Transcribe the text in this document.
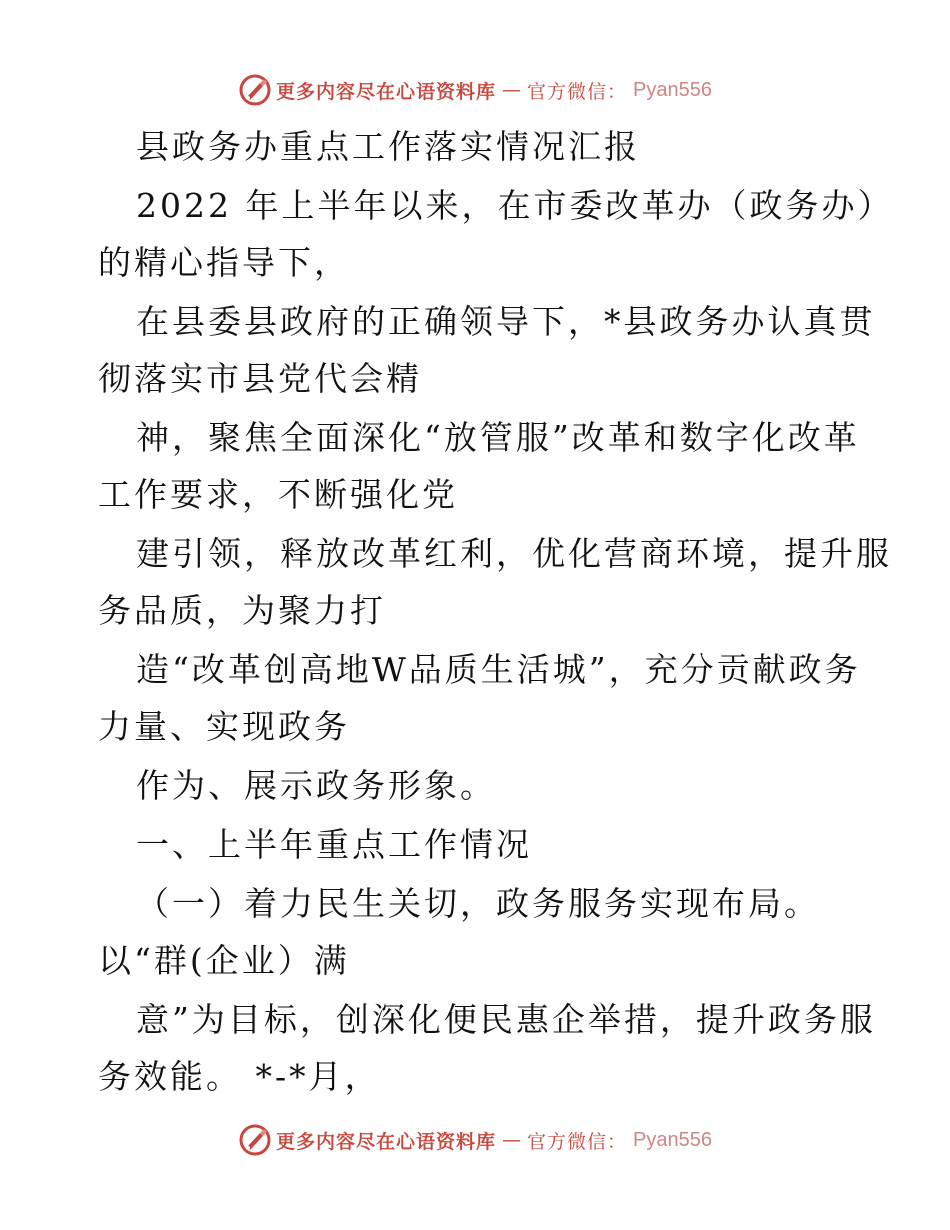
更多内容尽在心语资料库 — 官方微信： Pyan556
县政务办重点工作落实情况汇报
2022 年上半年以来，在市委改革办（政务办）
的精心指导下，
在县委县政府的正确领导下，*县政务办认真贯
彻落实市县党代会精
神，聚焦全面深化“放管服”改革和数字化改革
工作要求，不断强化党
建引领，释放改革红利，优化营商环境，提升服
务品质，为聚力打
造“改革创高地W品质生活城”，充分贡献政务
力量、实现政务
作为、展示政务形象。
一、上半年重点工作情况
（一）着力民生关切，政务服务实现布局。
以“群(企业）满
意”为目标，创深化便民惠企举措，提升政务服
务效能。 *-*月，
更多内容尽在心语资料库 — 官方微信： Pyan556
